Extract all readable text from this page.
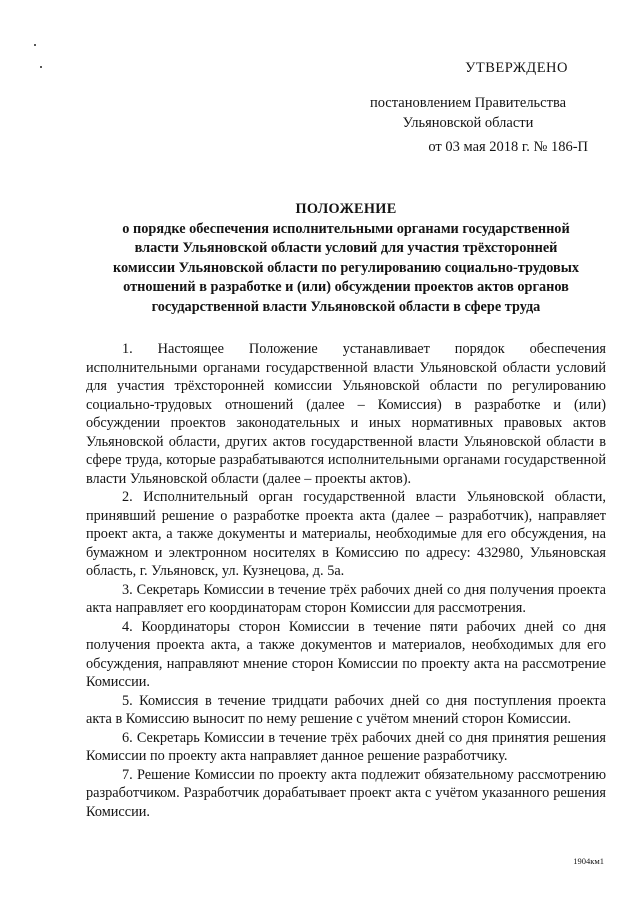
УТВЕРЖДЕНО
постановлением Правительства
Ульяновской области
от 03 мая 2018 г. № 186-П
ПОЛОЖЕНИЕ
о порядке обеспечения исполнительными органами государственной
власти Ульяновской области условий для участия трёхсторонней
комиссии Ульяновской области по регулированию социально-трудовых
отношений в разработке и (или) обсуждении проектов актов органов
государственной власти Ульяновской области в сфере труда

1. Настоящее Положение устанавливает порядок обеспечения исполнительными органами государственной власти Ульяновской области условий для участия трёхсторонней комиссии Ульяновской области по регулированию социально-трудовых отношений (далее – Комиссия) в разработке и (или) обсуждении проектов законодательных и иных нормативных правовых актов Ульяновской области, других актов государственной власти Ульяновской области в сфере труда, которые разрабатываются исполнительными органами государственной власти Ульяновской области (далее – проекты актов).

2. Исполнительный орган государственной власти Ульяновской области, принявший решение о разработке проекта акта (далее – разработчик), направляет проект акта, а также документы и материалы, необходимые для его обсуждения, на бумажном и электронном носителях в Комиссию по адресу: 432980, Ульяновская область, г. Ульяновск, ул. Кузнецова, д. 5а.

3. Секретарь Комиссии в течение трёх рабочих дней со дня получения проекта акта направляет его координаторам сторон Комиссии для рассмотрения.

4. Координаторы сторон Комиссии в течение пяти рабочих дней со дня получения проекта акта, а также документов и материалов, необходимых для его обсуждения, направляют мнение сторон Комиссии по проекту акта на рассмотрение Комиссии.

5. Комиссия в течение тридцати рабочих дней со дня поступления проекта акта в Комиссию выносит по нему решение с учётом мнений сторон Комиссии.

6. Секретарь Комиссии в течение трёх рабочих дней со дня принятия решения Комиссии по проекту акта направляет данное решение разработчику.

7. Решение Комиссии по проекту акта подлежит обязательному рассмотрению разработчиком. Разработчик дорабатывает проект акта с учётом указанного решения Комиссии.

1904км1
